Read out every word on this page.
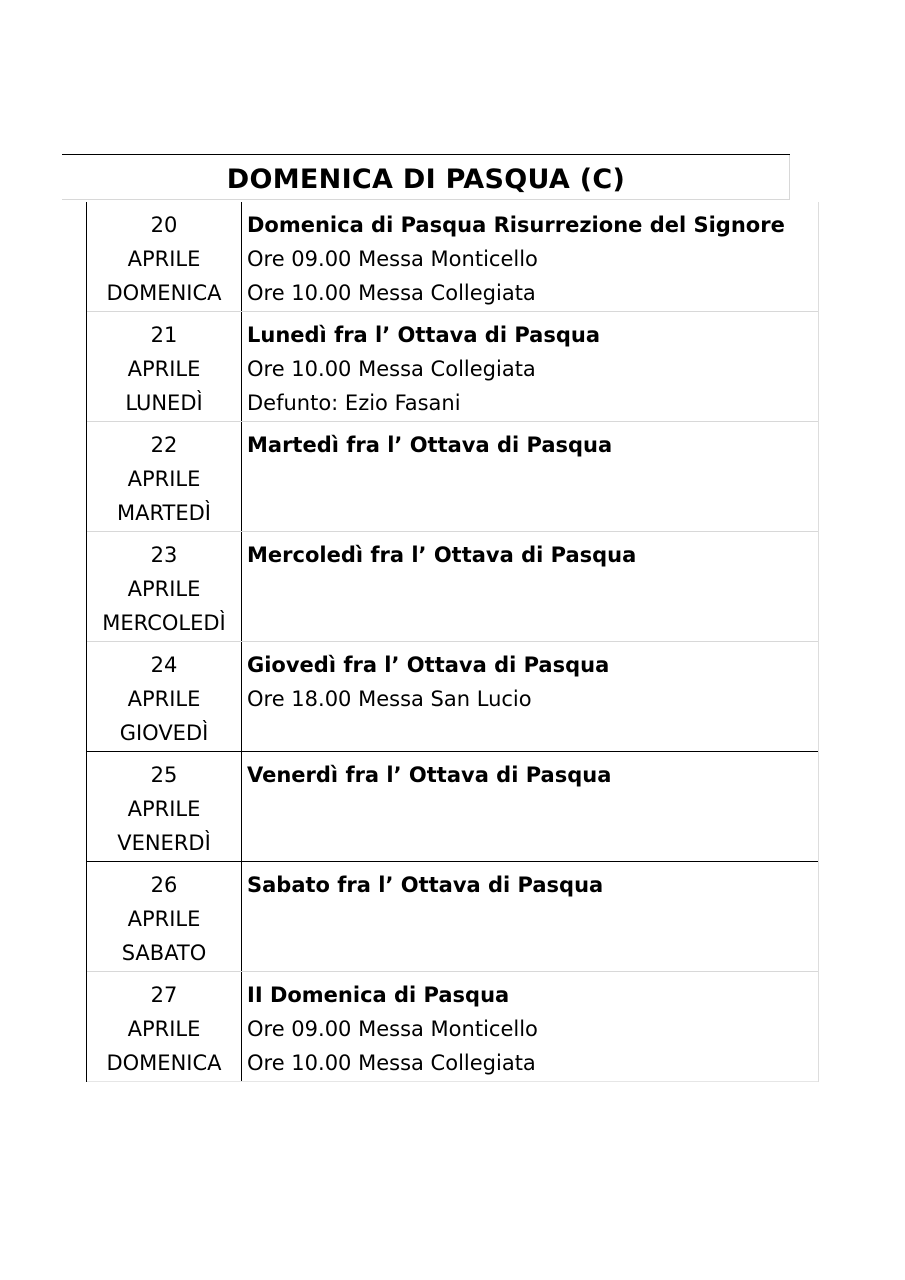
DOMENICA DI PASQUA (C)
20
APRILE
DOMENICA
Domenica di Pasqua Risurrezione del Signore
Ore 09.00 Messa Monticello
Ore 10.00 Messa Collegiata
21
APRILE
LUNEDÌ
Lunedì fra l’ Ottava di Pasqua
Ore 10.00 Messa Collegiata
Defunto: Ezio Fasani
22
APRILE
MARTEDÌ
Martedì fra l’ Ottava di Pasqua
23
APRILE
MERCOLEDÌ
Mercoledì fra l’ Ottava di Pasqua
24
APRILE
GIOVEDÌ
Giovedì fra l’ Ottava di Pasqua
Ore 18.00 Messa San Lucio
25
APRILE
VENERDÌ
Venerdì fra l’ Ottava di Pasqua
26
APRILE
SABATO
Sabato fra l’ Ottava di Pasqua
27
APRILE
DOMENICA
II Domenica di Pasqua
Ore 09.00 Messa Monticello
Ore 10.00 Messa Collegiata
